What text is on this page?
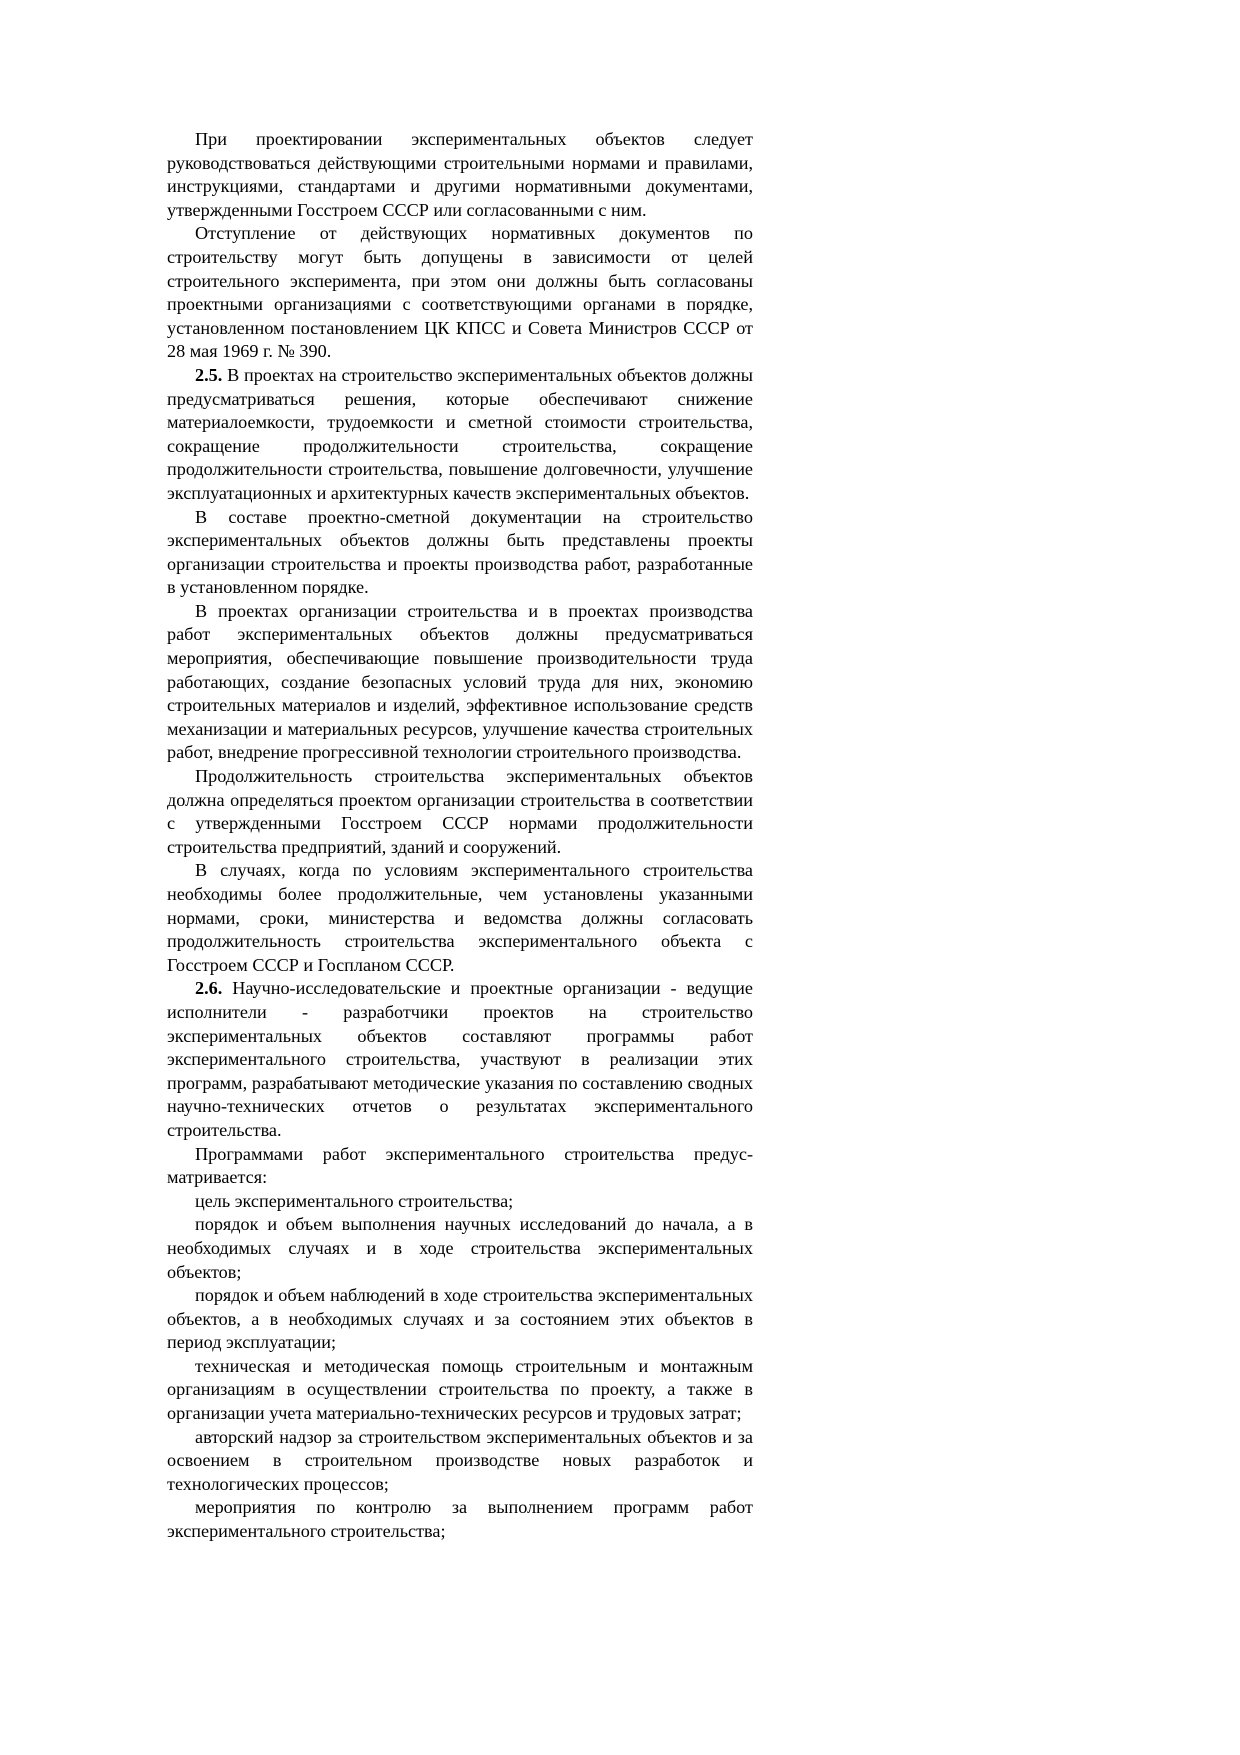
При проектировании экспериментальных объектов следует руководствоваться действующими строительными нормами и правилами, инструкциями, стандартами и другими нормативными документами, утвержденными Госстроем СССР или согласованными с ним.

Отступление от действующих нормативных документов по строительству могут быть допущены в зависимости от целей строительного эксперимента, при этом они должны быть согласованы проектными организациями с соответствующими органами в порядке, установленном постановлением ЦК КПСС и Совета Министров СССР от 28 мая 1969 г. № 390.

2.5. В проектах на строительство экспериментальных объектов должны предусматриваться решения, которые обеспечивают снижение материалоемкости, трудоемкости и сметной стоимости строительства, сокращение продолжительности строительства, сокращение продолжительности строительства, повышение долговечности, улучшение эксплуатационных и архитектурных качеств экспериментальных объектов.

В составе проектно-сметной документации на строительство экспериментальных объектов должны быть представлены проекты организации строительства и проекты производства работ, разработанные в установленном порядке.

В проектах организации строительства и в проектах производства работ экспериментальных объектов должны предусматриваться мероприятия, обеспечивающие повышение производительности труда работающих, создание безопасных условий труда для них, экономию строительных материалов и изделий, эффективное использование средств механизации и материальных ресурсов, улучшение качества строительных работ, внедрение прогрессивной технологии строительного производства.

Продолжительность строительства экспериментальных объектов должна определяться проектом организации строительства в соответствии с утвержденными Госстроем СССР нормами продолжительности строительства предприятий, зданий и сооружений.

В случаях, когда по условиям экспериментального строительства необходимы более продолжительные, чем установлены указанными нормами, сроки, министерства и ведомства должны согласовать продолжительность строительства экспериментального объекта с Госстроем СССР и Госпланом СССР.

2.6. Научно-исследовательские и проектные организации - ведущие исполнители - разработчики проектов на строительство экспериментальных объектов составляют программы работ экспериментального строительства, участвуют в реализации этих программ, разрабатывают методические указания по составлению сводных научно-технических отчетов о результатах экспериментального строительства.

Программами работ экспериментального строительства предусматривается:

цель экспериментального строительства;

порядок и объем выполнения научных исследований до начала, а в необходимых случаях и в ходе строительства экспериментальных объектов;

порядок и объем наблюдений в ходе строительства экспериментальных объектов, а в необходимых случаях и за состоянием этих объектов в период эксплуатации;

техническая и методическая помощь строительным и монтажным организациям в осуществлении строительства по проекту, а также в организации учета материально-технических ресурсов и трудовых затрат;

авторский надзор за строительством экспериментальных объектов и за освоением в строительном производстве новых разработок и технологических процессов;

мероприятия по контролю за выполнением программ работ экспериментального строительства;
